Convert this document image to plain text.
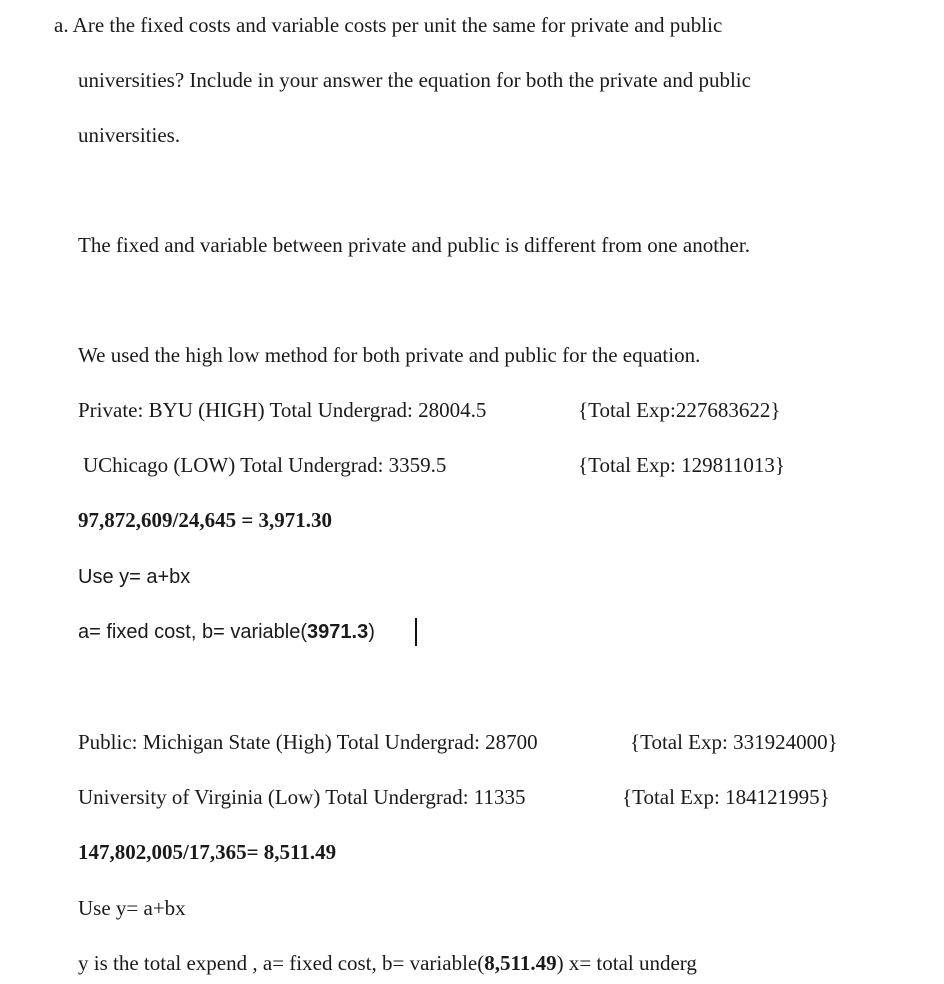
a. Are the fixed costs and variable costs per unit the same for private and public
universities? Include in your answer the equation for both the private and public
universities.
The fixed and variable between private and public is different from one another.
We used the high low method for both private and public for the equation.
Private: BYU (HIGH) Total Undergrad: 28004.5	{Total Exp:227683622}
UChicago (LOW) Total Undergrad: 3359.5	{Total Exp: 129811013}
97,872,609/24,645 = 3,971.30
Use y= a+bx
a= fixed cost, b= variable(3971.3)
Public: Michigan State (High) Total Undergrad: 28700	{Total Exp: 331924000}
University of Virginia (Low) Total Undergrad: 11335	{Total Exp: 184121995}
147,802,005/17,365= 8,511.49
Use y= a+bx
y is the total expend , a= fixed cost, b= variable(8,511.49) x= total underg
